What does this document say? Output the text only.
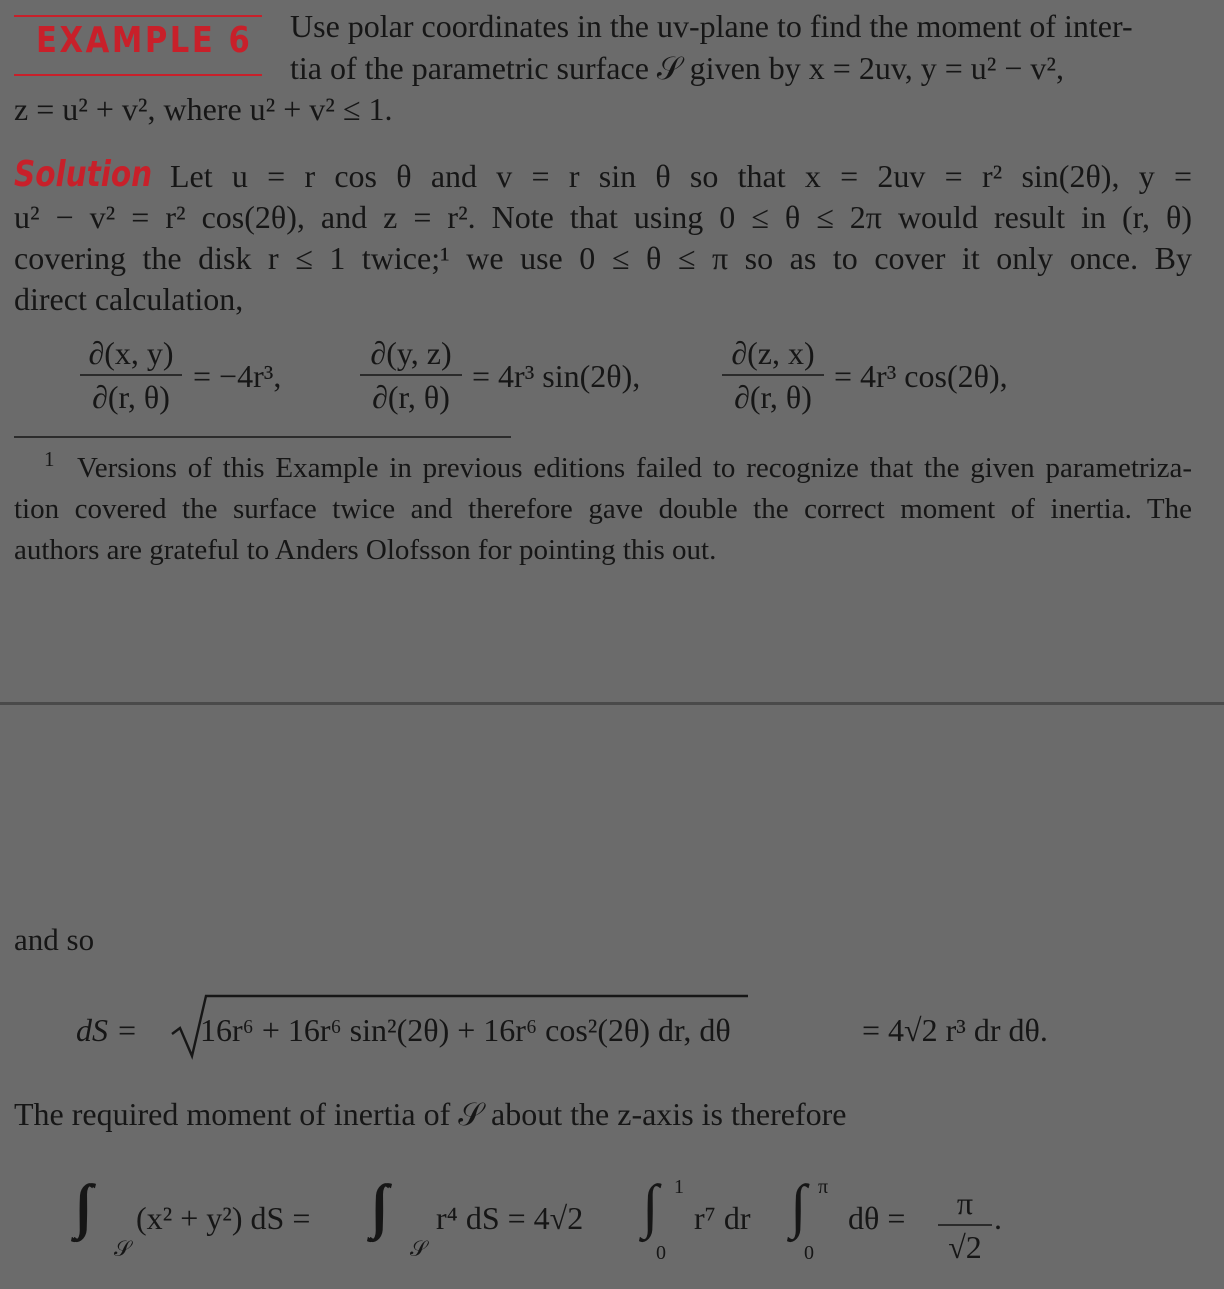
EXAMPLE 6 Use polar coordinates in the uv-plane to find the moment of inter-
tia of the parametric surface 𝒮 given by x = 2uv, y = u² − v²,
z = u² + v², where u² + v² ≤ 1.
Solution Let u = r cos θ and v = r sin θ so that x = 2uv = r² sin(2θ), y =
u² − v² = r² cos(2θ), and z = r². Note that using 0 ≤ θ ≤ 2π would result in (r, θ)
covering the disk r ≤ 1 twice;¹ we use 0 ≤ θ ≤ π so as to cover it only once. By
direct calculation,
∂(x, y)
∂(r, θ)
= −4r³,
∂(y, z)
∂(r, θ)
= 4r³ sin(2θ),
∂(z, x)
∂(r, θ)
= 4r³ cos(2θ),
1 Versions of this Example in previous editions failed to recognize that the given parametriza-
tion covered the surface twice and therefore gave double the correct moment of inertia. The
authors are grateful to Anders Olofsson for pointing this out.
and so
dS = 16r⁶ + 16r⁶ sin²(2θ) + 16r⁶ cos²(2θ) dr, dθ	= 4√2 r³ dr dθ.
The required moment of inertia of 𝒮 about the z-axis is therefore
∫∫
𝒮
(x² + y²) dS = ∫∫
𝒮
r⁴ dS = 4√2 ∫ 1
0
r⁷ dr ∫ π
0
dθ = π
√2
.
